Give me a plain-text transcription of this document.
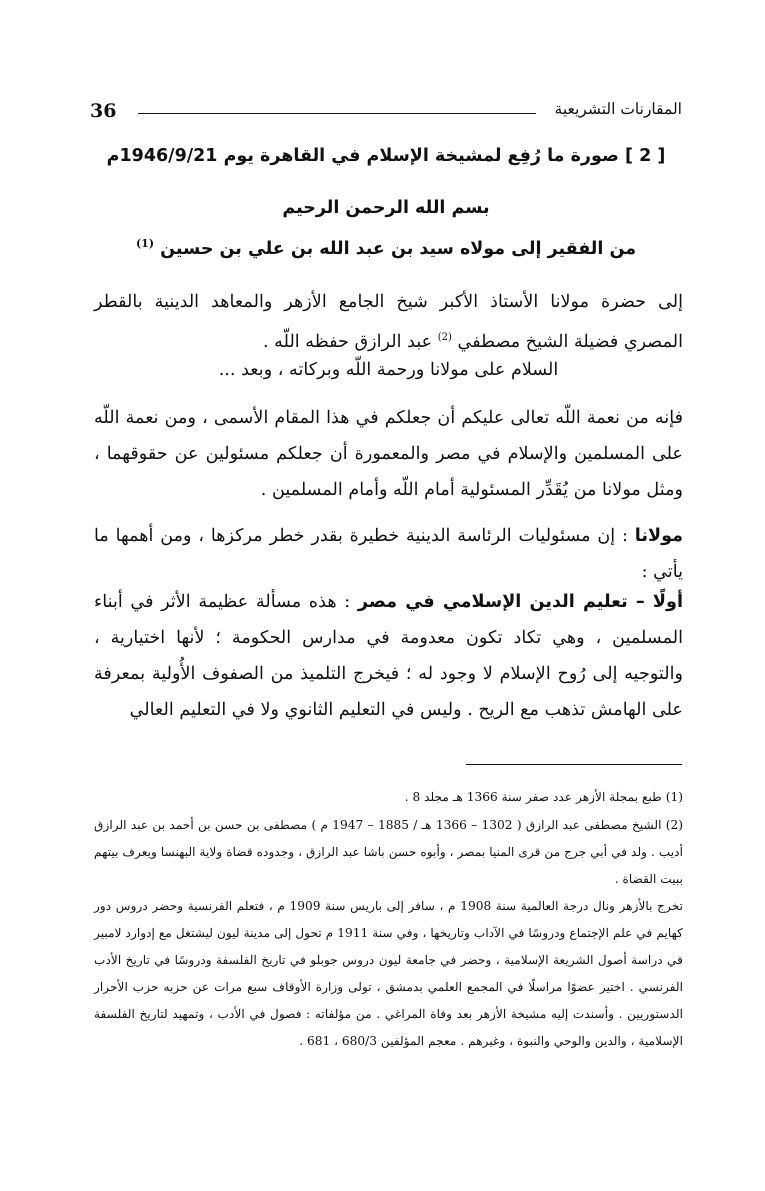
36	المقارنات التشريعية
[ 2 ] صورة ما رُفِع لمشيخة الإسلام في القاهرة يوم 1946/9/21م
بسم الله الرحمن الرحيم
من الفقير إلى مولاه سيد بن عبد الله بن علي بن حسين $^{(1)}$
إلى حضرة مولانا الأستاذ الأكبر شيخ الجامع الأزهر والمعاهد الدينية بالقطر المصري فضيلة الشيخ مصطفي $^{(2)}$ عبد الرازق حفظه اللّه .
السلام على مولانا ورحمة اللّه وبركاته ، وبعد ...
فإنه من نعمة اللّه تعالى عليكم أن جعلكم في هذا المقام الأسمى ، ومن نعمة اللّه على المسلمين والإسلام في مصر والمعمورة أن جعلكم مسئولين عن حقوقهما ، ومثل مولانا من يُقَدِّر المسئولية أمام اللّه وأمام المسلمين .
مولانا : إن مسئوليات الرئاسة الدينية خطيرة بقدر خطر مركزها ، ومن أهمها ما يأتي :
أولًا – تعليم الدين الإسلامي في مصر : هذه مسألة عظيمة الأثر في أبناء المسلمين ، وهي تكاد تكون معدومة في مدارس الحكومة ؛ لأنها اختيارية ، والتوجيه إلى رُوح الإسلام لا وجود له ؛ فيخرج التلميذ من الصفوف الأُولية بمعرفة على الهامش تذهب مع الريح . وليس في التعليم الثانوي ولا في التعليم العالي
(1) طبع بمجلة الأزهر عدد صفر سنة 1366 هـ مجلد 8 .
(2) الشيخ مصطفى عبد الرازق ( 1302 – 1366 هـ / 1885 – 1947 م ) مصطفى بن حسن بن أحمد بن عبد الرازق أديب . ولد في أبي جرج من قرى المنيا بمصر ، وأبوه حسن باشا عبد الرازق ، وجدوده قضاة ولاية البهنسا ويعرف بيتهم ببيت القضاة .
تخرج بالأزهر ونال درجة العالمية سنة 1908 م ، سافر إلى باريس سنة 1909 م ، فتعلم الفرنسية وحضر دروس دور كهايم في علم الإجتماع ودروسًا في الآداب وتاريخها ، وفي سنة 1911 م تحول إلى مدينة ليون ليشتغل مع إدوارد لامبير في دراسة أصول الشريعة الإسلامية ، وحضر في جامعة ليون دروس جوبلو في تاريخ الفلسفة ودروسًا في تاريخ الأدب الفرنسي . اختير عضوًا مراسلًا في المجمع العلمي بدمشق ، تولى وزارة الأوقاف سبع مرات عن حزبه حزب الأحرار الدستوريين . وأسندت إليه مشيخة الأزهر بعد وفاة المراغي . من مؤلفاته : فصول في الأدب ، وتمهيد لتاريخ الفلسفة الإسلامية ، والدين والوحي والنبوة ، وغيرهم . معجم المؤلفين 680/3 ، 681 .
